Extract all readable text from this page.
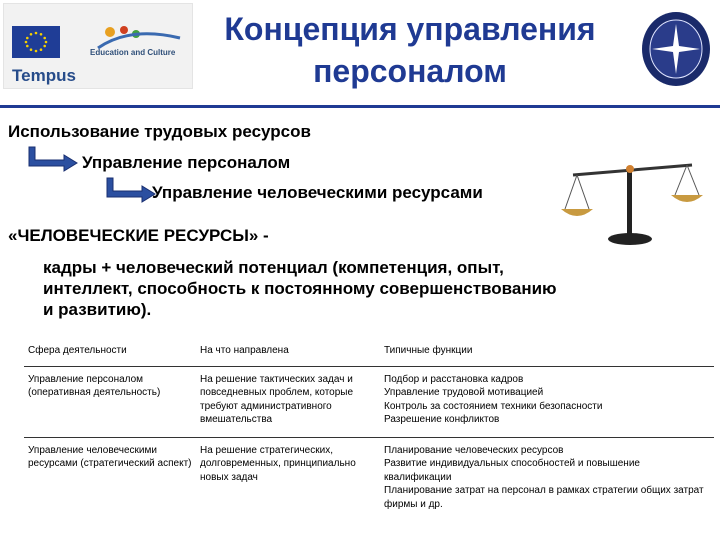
Education and Culture
Tempus
Концепция управления персоналом
Использование трудовых ресурсов
Управление персоналом
Управление человеческими ресурсами
«ЧЕЛОВЕЧЕСКИЕ РЕСУРСЫ» -
кадры + человеческий потенциал (компетенция, опыт, интеллект, способность к постоянному совершенствованию и развитию).
Сфера деятельности	На что направлена	Типичные функции
Управление персоналом (оперативная деятельность)	На решение тактических задач и повседневных проблем, которые требуют административного вмешательства	Подбор и расстановка кадров
Управление трудовой мотивацией
Контроль за состоянием техники безопасности
Разрешение конфликтов

Управление человеческими ресурсами (стратегический аспект)	На решение стратегических, долговременных, принципиально новых задач	Планирование человеческих ресурсов
Развитие индивидуальных способностей и повышение квалификации
Планирование затрат на персонал в рамках стратегии общих затрат фирмы и др.
